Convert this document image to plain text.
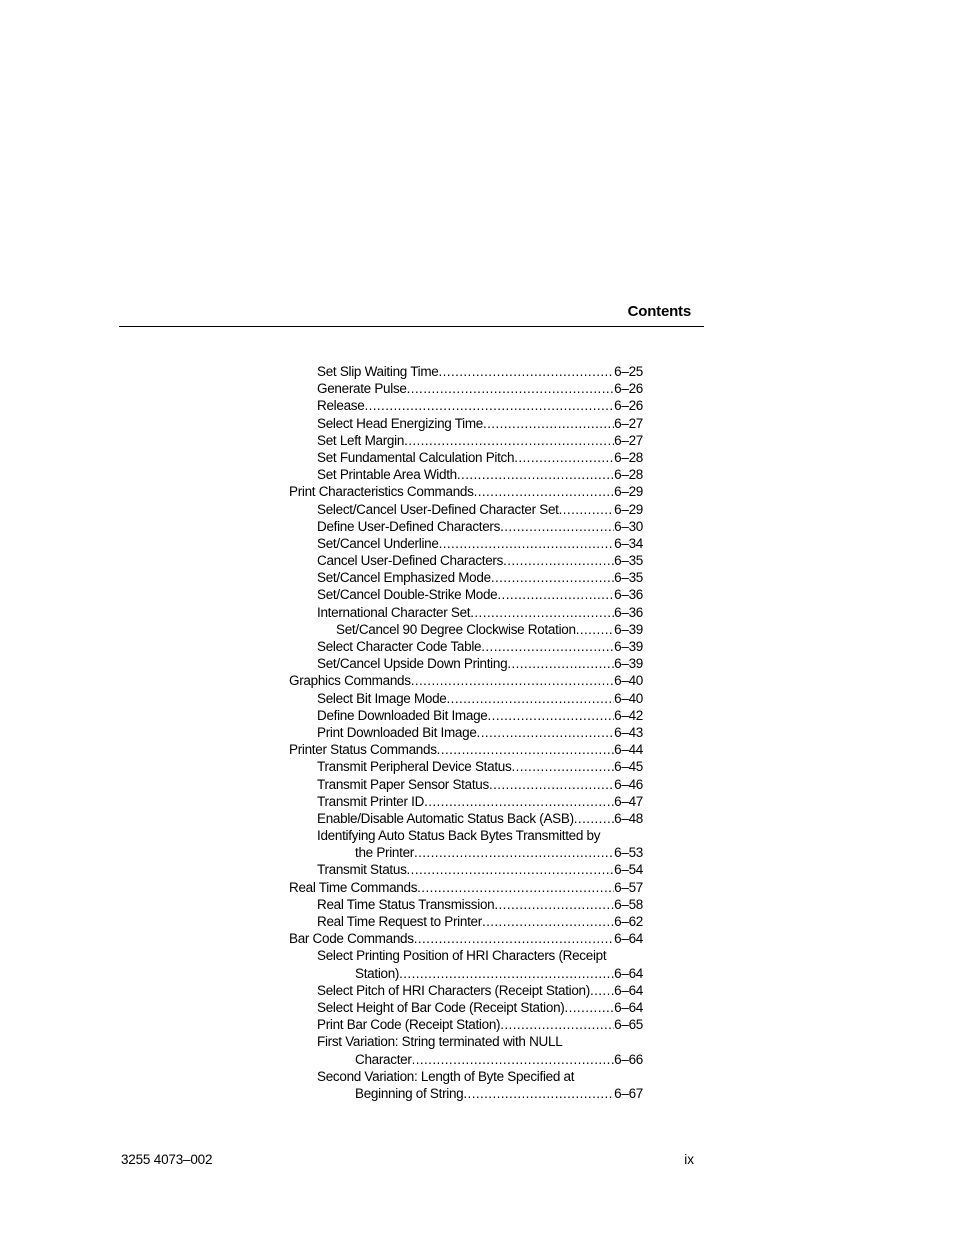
Contents
Set Slip Waiting Time .....	6–25
Generate Pulse .....	6–26
Release .....	6–26
Select Head Energizing Time .....	6–27
Set Left Margin .....	6–27
Set Fundamental Calculation Pitch .....	6–28
Set Printable Area Width .....	6–28
Print Characteristics Commands .....	6–29
Select/Cancel User-Defined Character Set .....	6–29
Define User-Defined Characters .....	6–30
Set/Cancel Underline .....	6–34
Cancel User-Defined Characters .....	6–35
Set/Cancel Emphasized Mode .....	6–35
Set/Cancel Double-Strike Mode .....	6–36
International Character Set .....	6–36
Set/Cancel 90 Degree Clockwise Rotation .....	6–39
Select Character Code Table .....	6–39
Set/Cancel Upside Down Printing .....	6–39
Graphics Commands .....	6–40
Select Bit Image Mode .....	6–40
Define Downloaded Bit Image .....	6–42
Print Downloaded Bit Image .....	6–43
Printer Status Commands .....	6–44
Transmit Peripheral Device Status .....	6–45
Transmit Paper Sensor Status .....	6–46
Transmit Printer ID .....	6–47
Enable/Disable Automatic Status Back (ASB) .....	6–48
Identifying Auto Status Back Bytes Transmitted by
the Printer .....	6–53
Transmit Status .....	6–54
Real Time Commands .....	6–57
Real Time Status Transmission .....	6–58
Real Time Request to Printer .....	6–62
Bar Code Commands .....	6–64
Select Printing Position of HRI Characters (Receipt
Station) .....	6–64
Select Pitch of HRI Characters (Receipt Station) ..... 6–64
Select Height of Bar Code (Receipt Station) .....	6–64
Print Bar Code (Receipt Station) .....	6–65
First Variation: String terminated with NULL
Character .....	6–66
Second Variation: Length of Byte Specified at
Beginning of String .....	6–67
3255 4073–002	ix
